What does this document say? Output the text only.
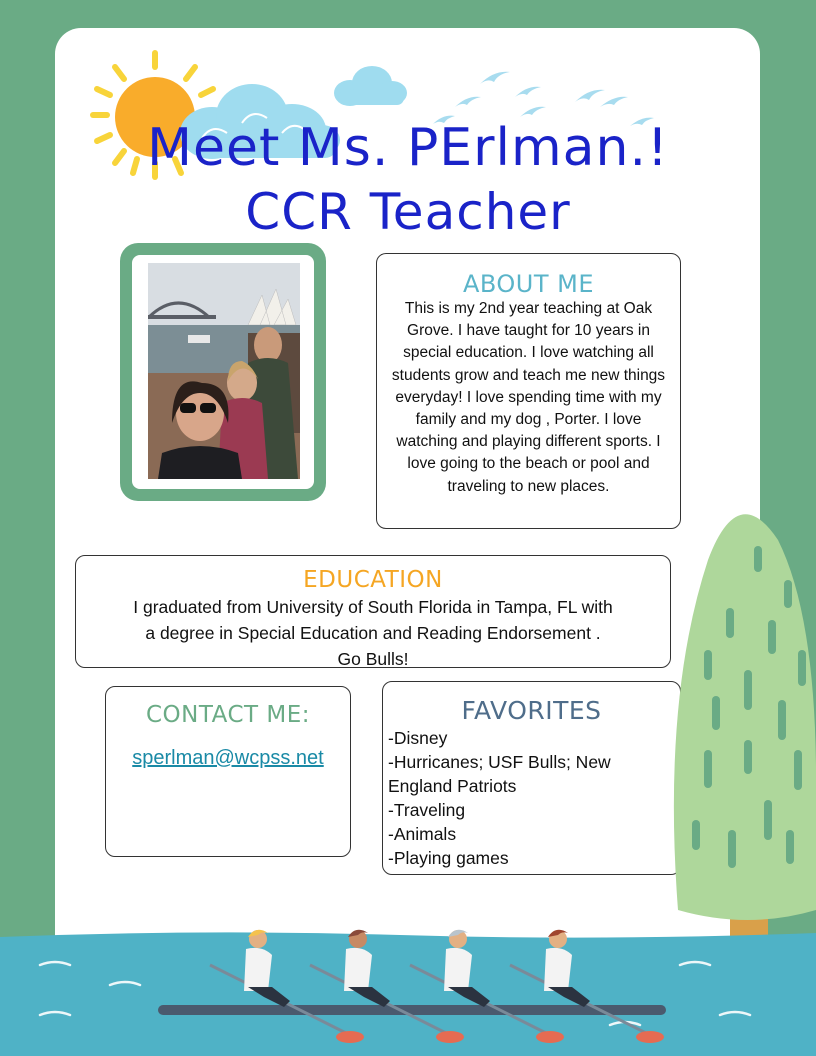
Meet Ms. PErlman.!
CCR Teacher
ABOUT ME
This is my 2nd year teaching at Oak Grove. I have taught for 10 years in special education. I love watching all students grow and teach me new things everyday! I love spending time with my family and my dog , Porter. I love watching and playing different sports. I love going to the beach or pool and traveling to new places.
EDUCATION
I graduated from University of South Florida in Tampa, FL with
a degree in Special Education and Reading Endorsement .
Go Bulls!
CONTACT ME:
sperlman@wcpss.net
FAVORITES
-Disney
-Hurricanes; USF Bulls; New
England Patriots
-Traveling
-Animals
-Playing games
